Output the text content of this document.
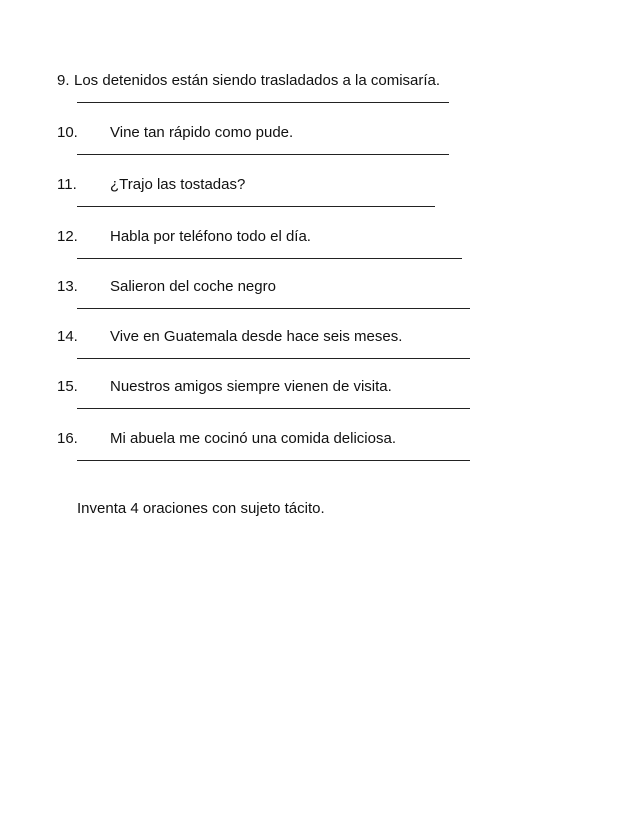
9. Los detenidos están siendo trasladados a la comisaría.
10. Vine tan rápido como pude.
11. ¿Trajo las tostadas?
12. Habla por teléfono todo el día.
13. Salieron del coche negro
14. Vive en Guatemala desde hace seis meses.
15. Nuestros amigos siempre vienen de visita.
16. Mi abuela me cocinó una comida deliciosa.
Inventa 4 oraciones con sujeto tácito.
